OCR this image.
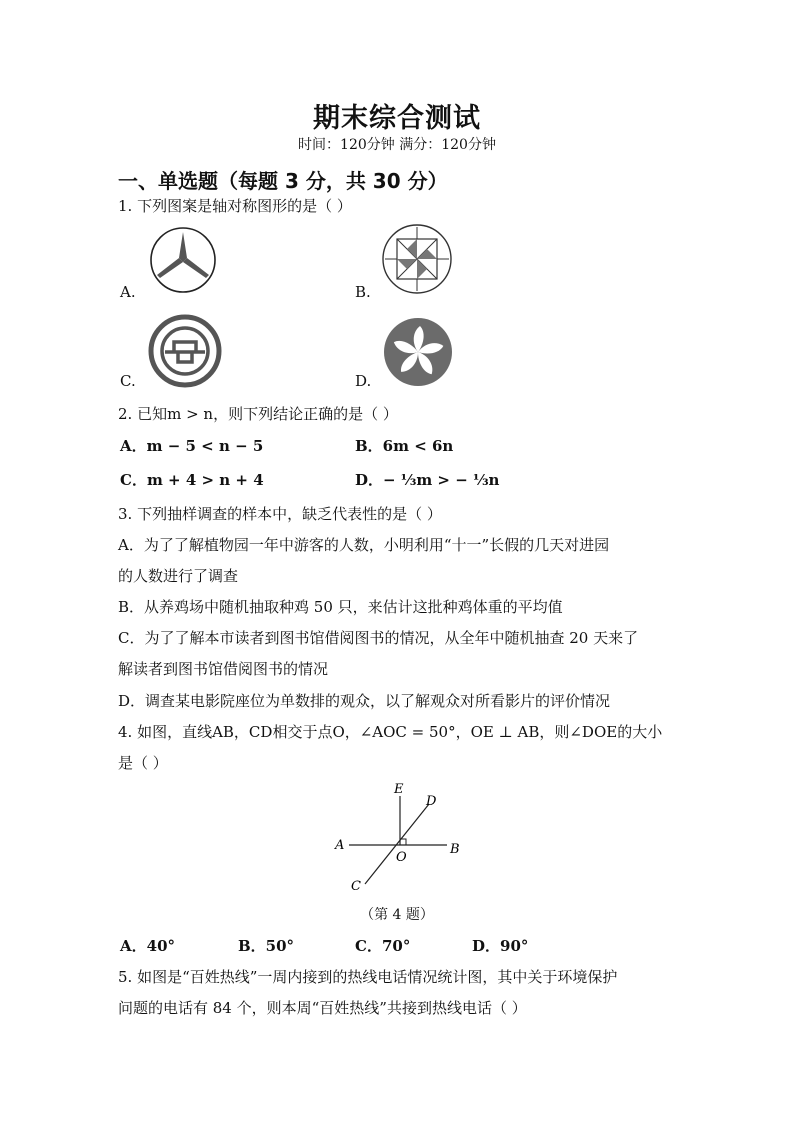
期末综合测试
时间：120分钟 满分：120分钟
一、单选题（每题 3 分，共 30 分）
1. 下列图案是轴对称图形的是（ ）
A.	B.
C.	D.
2. 已知m > n，则下列结论正确的是（ ）
A．m − 5 < n − 5	B．6m < 6n
C．m + 4 > n + 4	D．− ⅓m > − ⅓n
3. 下列抽样调查的样本中，缺乏代表性的是（ ）
A．为了了解植物园一年中游客的人数，小明利用“十一”长假的几天对进园
的人数进行了调查
B．从养鸡场中随机抽取种鸡 50 只，来估计这批种鸡体重的平均值
C．为了了解本市读者到图书馆借阅图书的情况，从全年中随机抽查 20 天来了
解读者到图书馆借阅图书的情况
D．调查某电影院座位为单数排的观众，以了解观众对所看影片的评价情况
4. 如图，直线AB，CD相交于点O，∠AOC = 50°，OE ⊥ AB，则∠DOE的大小
是（ ）
E
D
A	B
O
C
（第 4 题）
A．40°	B．50°	C．70°	D．90°
5. 如图是“百姓热线”一周内接到的热线电话情况统计图，其中关于环境保护
问题的电话有 84 个，则本周“百姓热线”共接到热线电话（ ）
